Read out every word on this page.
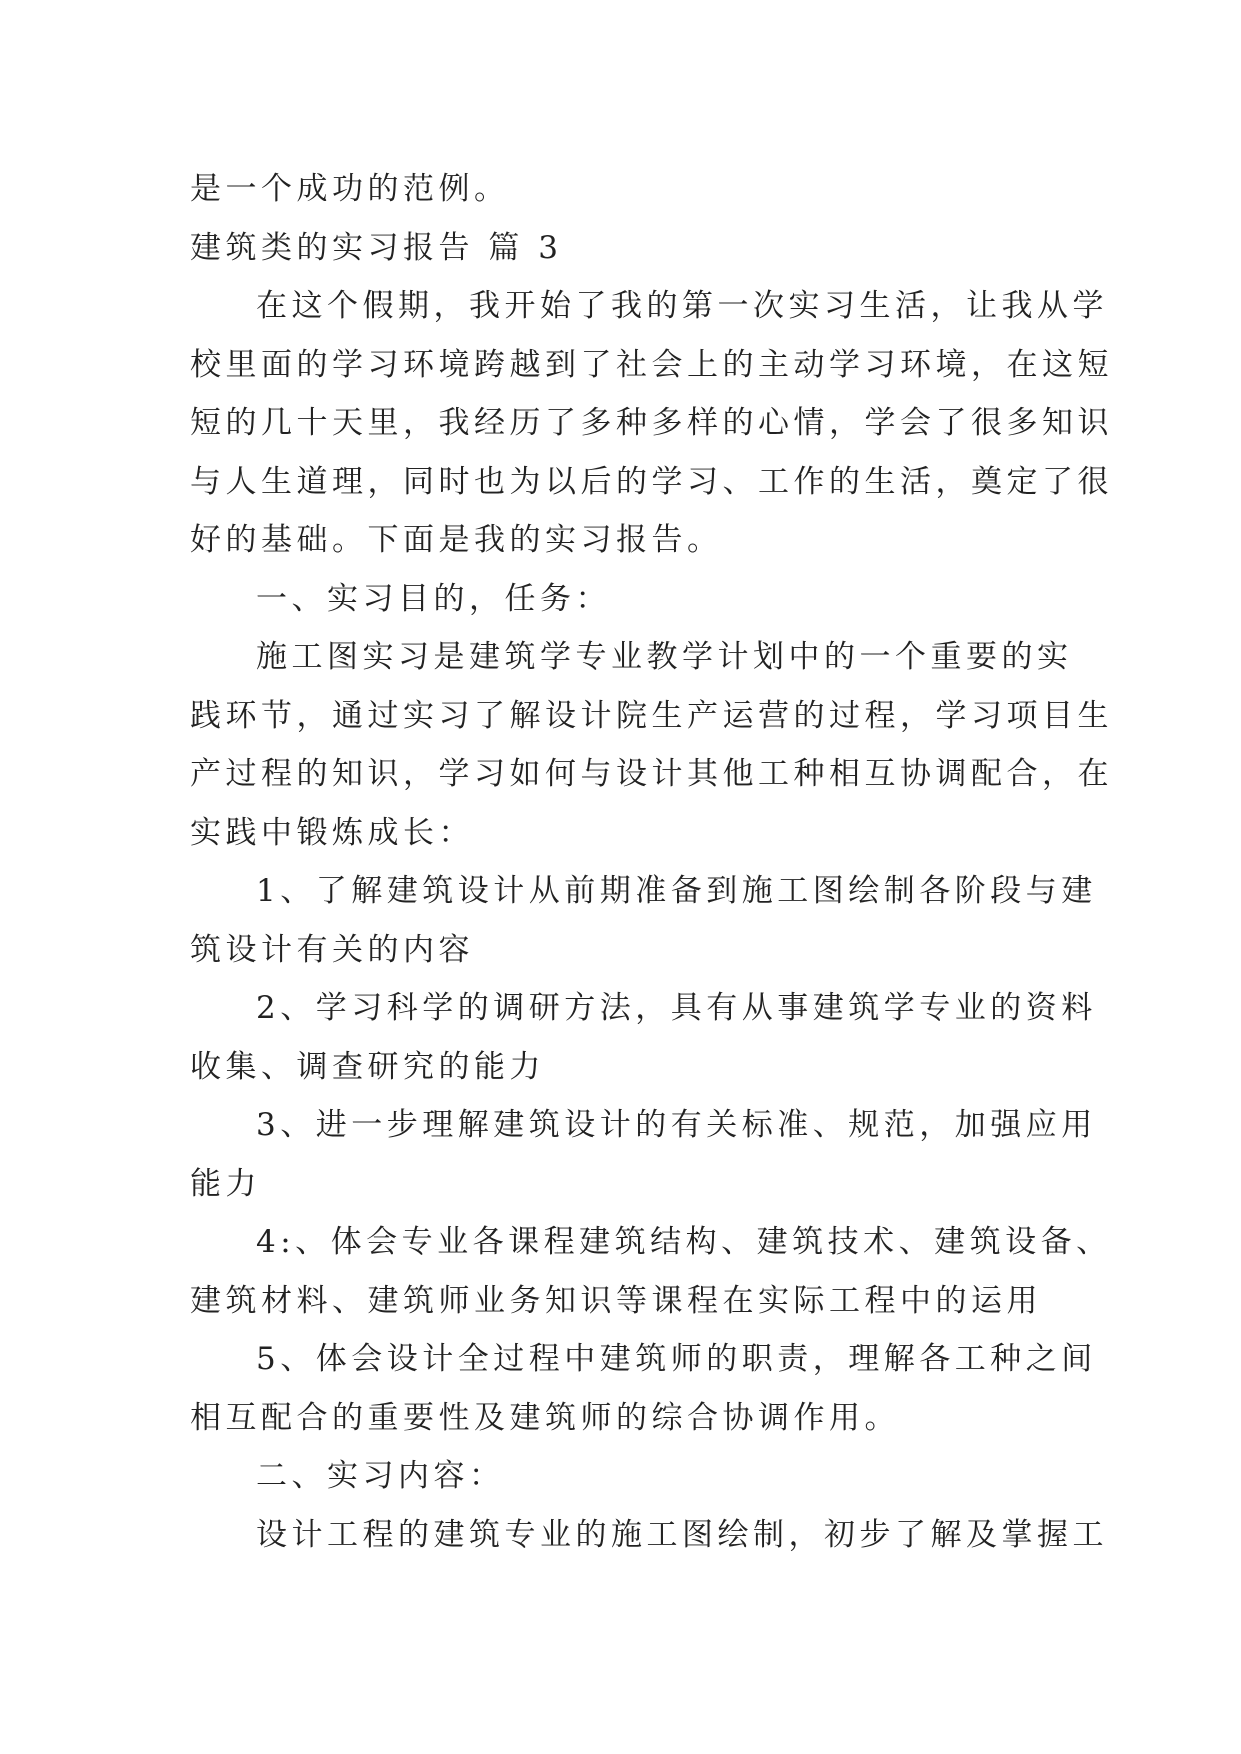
是一个成功的范例。
建筑类的实习报告 篇 3
在这个假期，我开始了我的第一次实习生活，让我从学
校里面的学习环境跨越到了社会上的主动学习环境，在这短
短的几十天里，我经历了多种多样的心情，学会了很多知识
与人生道理，同时也为以后的学习、工作的生活，奠定了很
好的基础。下面是我的实习报告。
一、实习目的，任务：
施工图实习是建筑学专业教学计划中的一个重要的实
践环节，通过实习了解设计院生产运营的过程，学习项目生
产过程的知识，学习如何与设计其他工种相互协调配合，在
实践中锻炼成长：
1、了解建筑设计从前期准备到施工图绘制各阶段与建
筑设计有关的内容
2、学习科学的调研方法，具有从事建筑学专业的资料
收集、调查研究的能力
3、进一步理解建筑设计的有关标准、规范，加强应用
能力
4:、体会专业各课程建筑结构、建筑技术、建筑设备、
建筑材料、建筑师业务知识等课程在实际工程中的运用
5、体会设计全过程中建筑师的职责，理解各工种之间
相互配合的重要性及建筑师的综合协调作用。
二、实习内容：
设计工程的建筑专业的施工图绘制，初步了解及掌握工
